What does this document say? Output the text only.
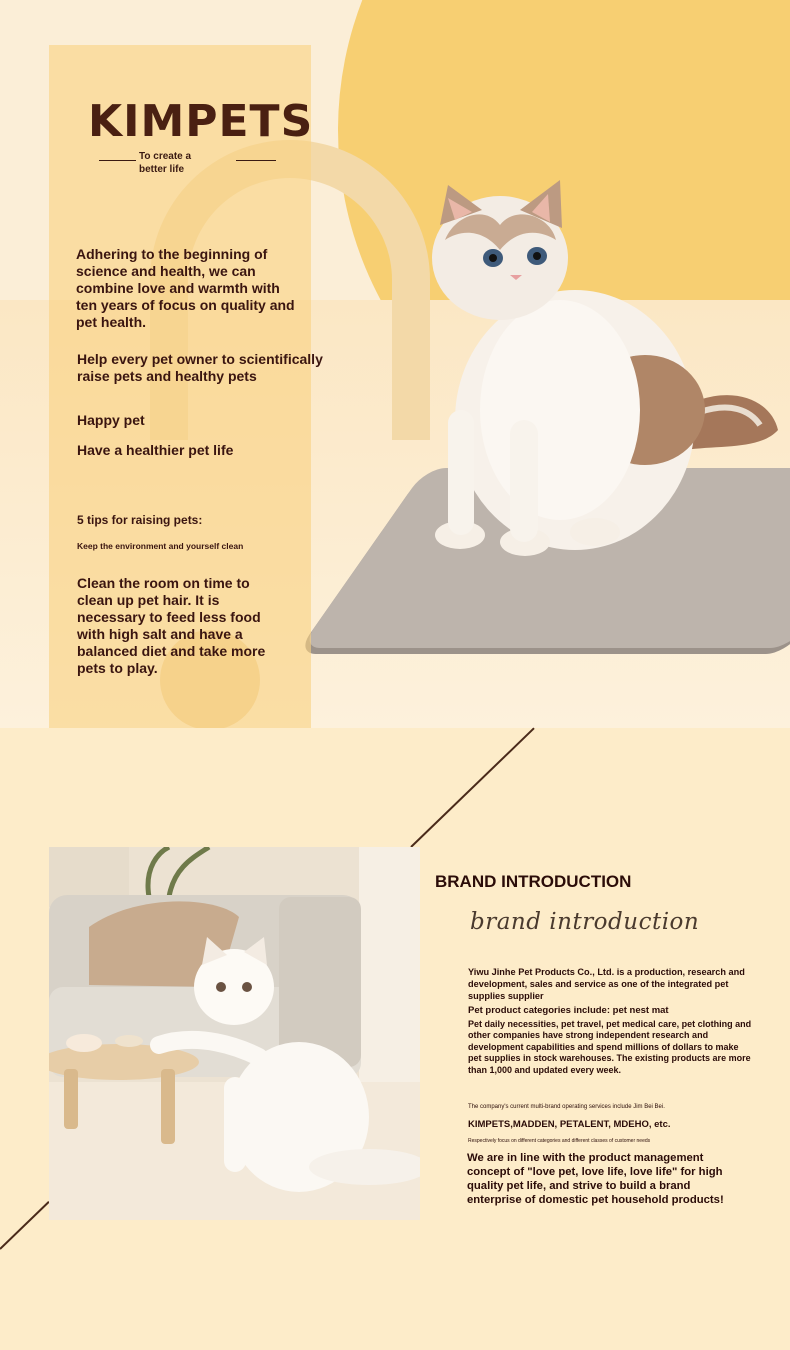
KIMPETS
To create a
better life

Adhering to the beginning of science and health, we can combine love and warmth with ten years of focus on quality and pet health.

Help every pet owner to scientifically raise pets and healthy pets

Happy pet

Have a healthier pet life

5 tips for raising pets:

Keep the environment and yourself clean

Clean the room on time to clean up pet hair. It is necessary to feed less food with high salt and have a balanced diet and take more pets to play.

BRAND INTRODUCTION
brand introduction

Yiwu Jinhe Pet Products Co., Ltd. is a production, research and development, sales and service as one of the integrated pet supplies supplier

Pet product categories include: pet nest mat

Pet daily necessities, pet travel, pet medical care, pet clothing and other companies have strong independent research and development capabilities and spend millions of dollars to make pet supplies in stock warehouses. The existing products are more than 1,000 and updated every week.

The company's current multi-brand operating services include Jim Bei Bei.

KIMPETS,MADDEN, PETALENT, MDEHO, etc.

Respectively focus on different categories and different classes of customer needs

We are in line with the product management concept of "love pet, love life, love life" for high quality pet life, and strive to build a brand enterprise of domestic pet household products!
